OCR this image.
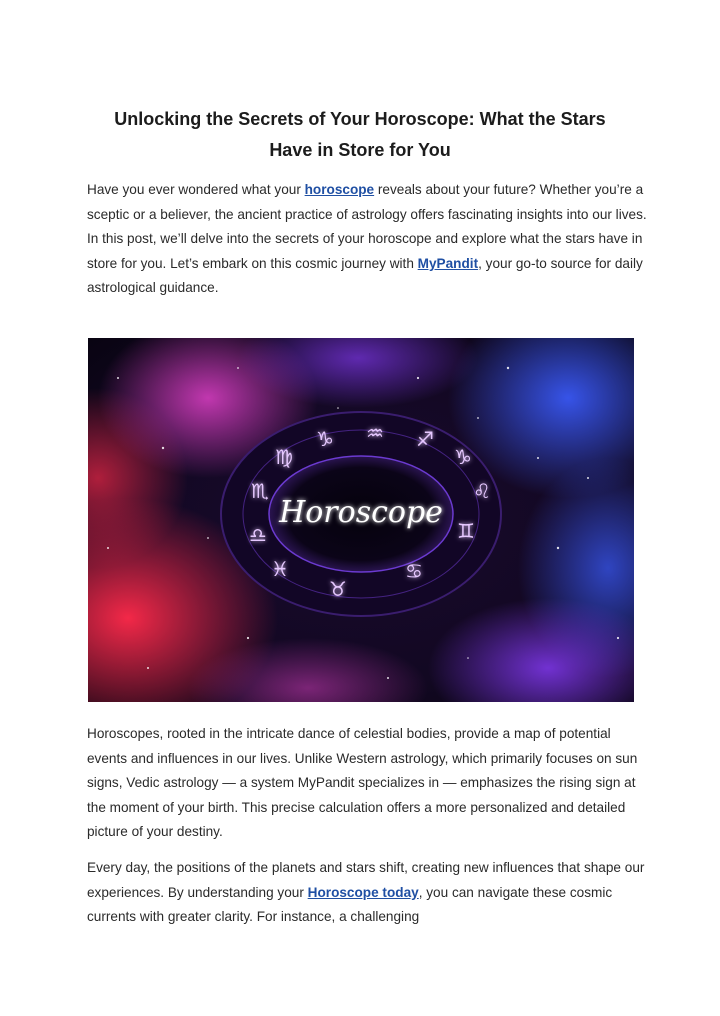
Unlocking the Secrets of Your Horoscope: What the Stars
Have in Store for You
Have you ever wondered what your horoscope reveals about your future? Whether you’re a sceptic or a believer, the ancient practice of astrology offers fascinating insights into our lives. In this post, we’ll delve into the secrets of your horoscope and explore what the stars have in store for you. Let’s embark on this cosmic journey with MyPandit, your go-to source for daily astrological guidance.
♑ ♒ ♐
♑
♌
♊
♋
♉
♓
♎
♏
♍
Horoscope
Horoscopes, rooted in the intricate dance of celestial bodies, provide a map of potential events and influences in our lives. Unlike Western astrology, which primarily focuses on sun signs, Vedic astrology — a system MyPandit specializes in — emphasizes the rising sign at the moment of your birth. This precise calculation offers a more personalized and detailed picture of your destiny.
Every day, the positions of the planets and stars shift, creating new influences that shape our experiences. By understanding your Horoscope today, you can navigate these cosmic currents with greater clarity. For instance, a challenging
